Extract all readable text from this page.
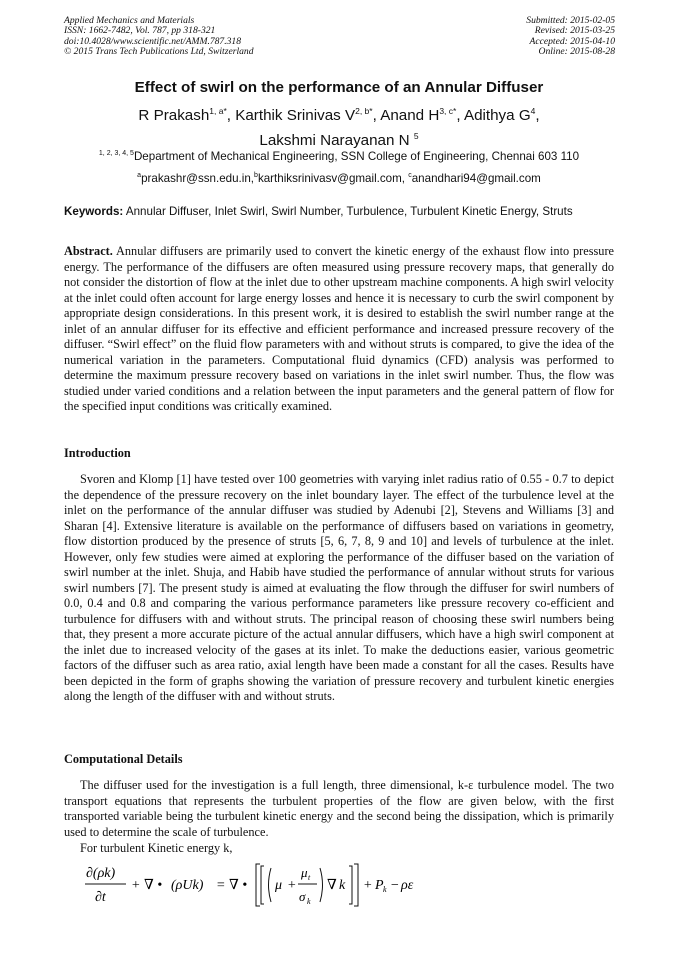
Applied Mechanics and Materials
ISSN: 1662-7482, Vol. 787, pp 318-321
doi:10.4028/www.scientific.net/AMM.787.318
© 2015 Trans Tech Publications Ltd, Switzerland
Submitted: 2015-02-05
Revised: 2015-03-25
Accepted: 2015-04-10
Online: 2015-08-28
Effect of swirl on the performance of an Annular Diffuser
R Prakash$^{1, a*}$, Karthik Srinivas $V^{2, b*}$, Anand $H^{3, c*}$, Adithya $G^4$,
Lakshmi Narayanan N $^5$
$^{1, 2, 3, 4, 5}$Department of Mechanical Engineering, SSN College of Engineering, Chennai 603 110
$^a$prakashr@ssn.edu.in,$^b$karthiksrinivasv@gmail.com, $^c$anandhari94@gmail.com
Keywords: Annular Diffuser, Inlet Swirl, Swirl Number, Turbulence, Turbulent Kinetic Energy, Struts
Abstract. Annular diffusers are primarily used to convert the kinetic energy of the exhaust flow into pressure energy. The performance of the diffusers are often measured using pressure recovery maps, that generally do not consider the distortion of flow at the inlet due to other upstream machine components. A high swirl velocity at the inlet could often account for large energy losses and hence it is necessary to curb the swirl component by appropriate design considerations. In this present work, it is desired to establish the swirl number range at the inlet of an annular diffuser for its effective and efficient performance and increased pressure recovery of the diffuser. “Swirl effect” on the fluid flow parameters with and without struts is compared, to give the idea of the numerical variation in the parameters. Computational fluid dynamics (CFD) analysis was performed to determine the maximum pressure recovery based on variations in the inlet swirl number. Thus, the flow was studied under varied conditions and a relation between the input parameters and the general pattern of flow for the specified input conditions was critically examined.
Introduction
Svoren and Klomp [1] have tested over 100 geometries with varying inlet radius ratio of 0.55 - 0.7 to depict the dependence of the pressure recovery on the inlet boundary layer. The effect of the turbulence level at the inlet on the performance of the annular diffuser was studied by Adenubi [2], Stevens and Williams [3] and Sharan [4]. Extensive literature is available on the performance of diffusers based on variations in geometry, flow distortion produced by the presence of struts [5, 6, 7, 8, 9 and 10] and levels of turbulence at the inlet. However, only few studies were aimed at exploring the performance of the diffuser based on the variation of swirl number at the inlet. Shuja, and Habib have studied the performance of annular without struts for various swirl numbers [7]. The present study is aimed at evaluating the flow through the diffuser for swirl numbers of 0.0, 0.4 and 0.8 and comparing the various performance parameters like pressure recovery co-efficient and turbulence for diffusers with and without struts. The principal reason of choosing these swirl numbers being that, they present a more accurate picture of the actual annular diffusers, which have a high swirl component at the inlet due to increased velocity of the gases at its inlet. To make the deductions easier, various geometric factors of the diffuser such as area ratio, axial length have been made a constant for all the cases. Results have been depicted in the form of graphs showing the variation of pressure recovery and turbulent kinetic energies along the length of the diffuser with and without struts.
Computational Details
The diffuser used for the investigation is a full length, three dimensional, k-ε turbulence model. The two transport equations that represents the turbulent properties of the flow are given below, with the first transported variable being the turbulent kinetic energy and the second being the dissipation, which is primarily used to determine the scale of turbulence.
For turbulent Kinetic energy k,
∂(ρk)
∂t
+ ∇ • (ρUk) = ∇ • μ +
μ t
σ k
∇ k + P k − ρε
